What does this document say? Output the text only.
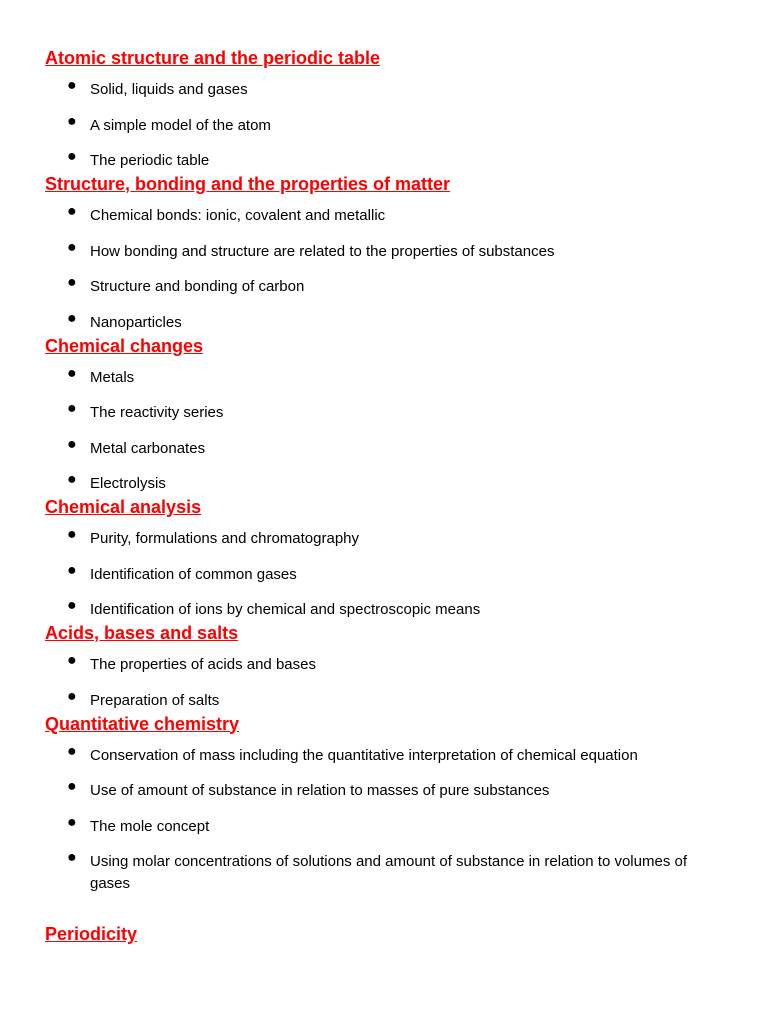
Atomic structure and the periodic table
● Solid, liquids and gases
● A simple model of the atom
● The periodic table
Structure, bonding and the properties of matter
● Chemical bonds: ionic, covalent and metallic
● How bonding and structure are related to the properties of substances
● Structure and bonding of carbon
● Nanoparticles
Chemical changes
● Metals
● The reactivity series
● Metal carbonates
● Electrolysis
Chemical analysis
● Purity, formulations and chromatography
● Identification of common gases
● Identification of ions by chemical and spectroscopic means
Acids, bases and salts
● The properties of acids and bases
● Preparation of salts
Quantitative chemistry
● Conservation of mass including the quantitative interpretation of chemical equation
● Use of amount of substance in relation to masses of pure substances
● The mole concept
● Using molar concentrations of solutions and amount of substance in relation to volumes of gases
Periodicity
